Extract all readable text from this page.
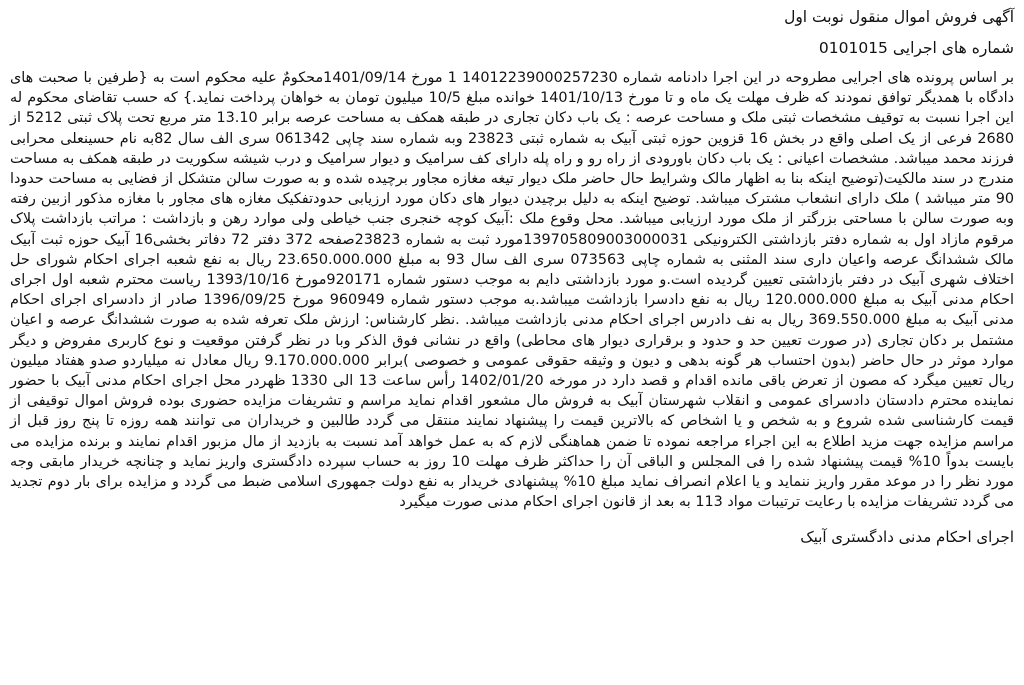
آگهی فروش اموال منقول نوبت اول
شماره های اجرایی 0101015

بر اساس پرونده های اجرایی مطروحه در این اجرا دادنامه شماره 14012239000257230 1 مورخ 1401/09/14محکومٌ علیه محکوم است به {طرفین با صحبت های دادگاه با همدیگر توافق نمودند که ظرف مهلت یک ماه و تا مورخ 1401/10/13 خوانده مبلغ 10/5 میلیون تومان به خواهان پرداخت نماید.} که حسب تقاضای محکوم له این اجرا نسبت به توقیف مشخصات ثبتی ملک و مساحت عرصه : یک باب دکان تجاری در طبقه همکف به مساحت عرصه برابر 13.10 متر مربع تحت پلاک ثبتی 5212 از 2680 فرعی از یک اصلی واقع در بخش 16 قزوین حوزه ثبتی آبیک به شماره ثبتی 23823 وبه شماره سند چاپی 061342 سری الف سال 82به نام حسینعلی محرابی فرزند محمد میباشد. مشخصات اعیانی : یک باب دکان باورودی از راه رو و راه پله دارای کف سرامیک و دیوار سرامیک و درب شیشه سکوریت در طبقه همکف به مساحت مندرج در سند مالکیت(توضیح اینکه بنا به اظهار مالک وشرایط حال حاضر ملک دیوار تیغه مغازه مجاور برچیده شده و به صورت سالن متشکل از فضایی به مساحت حدودا 90 متر میباشد ) ملک دارای انشعاب مشترک میباشد. توضیح اینکه به دلیل برچیدن دیوار های دکان مورد ارزیابی حدودتفکیک مغازه های مجاور با مغازه مذکور ازبین رفته وبه صورت سالن با مساحتی بزرگتر از ملک مورد ارزیابی میباشد. محل وقوع ملک :آبیک کوچه خنجری جنب خیاطی ولی موارد رهن و بازداشت : مراتب بازداشت پلاک مرقوم مازاد اول به شماره دفتر بازداشتی الکترونیکی 139705809003000031مورد ثبت به شماره 23823صفحه 372 دفتر 72 دفاتر بخشی16 آبیک حوزه ثبت آبیک مالک ششدانگ عرصه واعیان داری سند المثنی به شماره چاپی 073563 سری الف سال 93 به مبلغ 23.650.000.000 ریال به نفع شعبه اجرای احکام شورای حل اختلاف شهری آبیک در دفتر بازداشتی تعیین گردیده است.و مورد بازداشتی دایم به موجب دستور شماره 920171مورخ 1393/10/16 ریاست محترم شعبه اول اجرای احکام مدنی آبیک به مبلغ 120.000.000 ریال به نفع دادسرا بازداشت میباشد.به موجب دستور شماره 960949 مورخ 1396/09/25 صادر از دادسرای اجرای احکام مدنی آبیک به مبلغ 369.550.000 ریال به نف دادرس اجرای احکام مدنی بازداشت میباشد. .نظر کارشناس: ارزش ملک تعرفه شده به صورت ششدانگ عرصه و اعیان مشتمل بر دکان تجاری (در صورت تعیین حد و حدود و برقراری دیوار های محاطی) واقع در نشانی فوق الذکر وبا در نظر گرفتن موقعیت و نوع کاربری مفروض و دیگر موارد موثر در حال حاضر (بدون احتساب هر گونه بدهی و دیون و وثیقه حقوقی عمومی و خصوصی )برابر 9.170.000.000 ریال معادل نه میلیاردو صدو هفتاد میلیون ریال تعیین میگرد که مصون از تعرض باقی مانده اقدام و قصد دارد در مورخه 1402/01/20 رأس ساعت 13 الی 1330 ظهردر محل اجرای احکام مدنی آبیک با حضور نماینده محترم دادستان دادسرای عمومی و انقلاب شهرستان آبیک به فروش مال مشعور اقدام نماید مراسم و تشریفات مزایده حضوری بوده فروش اموال توقیفی از قیمت کارشناسی شده شروع و به شخص و یا اشخاص که بالاترین قیمت را پیشنهاد نمایند منتقل می گردد طالبین و خریداران می توانند همه روزه تا پنج روز قبل از مراسم مزایده جهت مزید اطلاع به این اجراء مراجعه نموده تا ضمن هماهنگی لازم که به عمل خواهد آمد نسبت به بازدید از مال مزبور اقدام نمایند و برنده مزایده می بایست بدواً 10% قیمت پیشنهاد شده را فی المجلس و الباقی آن را حداکثر ظرف مهلت 10 روز به حساب سپرده دادگستری واریز نماید و چنانچه خریدار مابقی وجه مورد نظر را در موعد مقرر واریز ننماید و یا اعلام انصراف نماید مبلغ 10% پیشنهادی خریدار به نفع دولت جمهوری اسلامی ضبط می گردد و مزایده برای بار دوم تجدید می گردد تشریفات مزایده با رعایت ترتیبات مواد 113 به بعد از قانون اجرای احکام مدنی صورت میگیرد

اجرای احکام مدنی دادگستری آبیک
